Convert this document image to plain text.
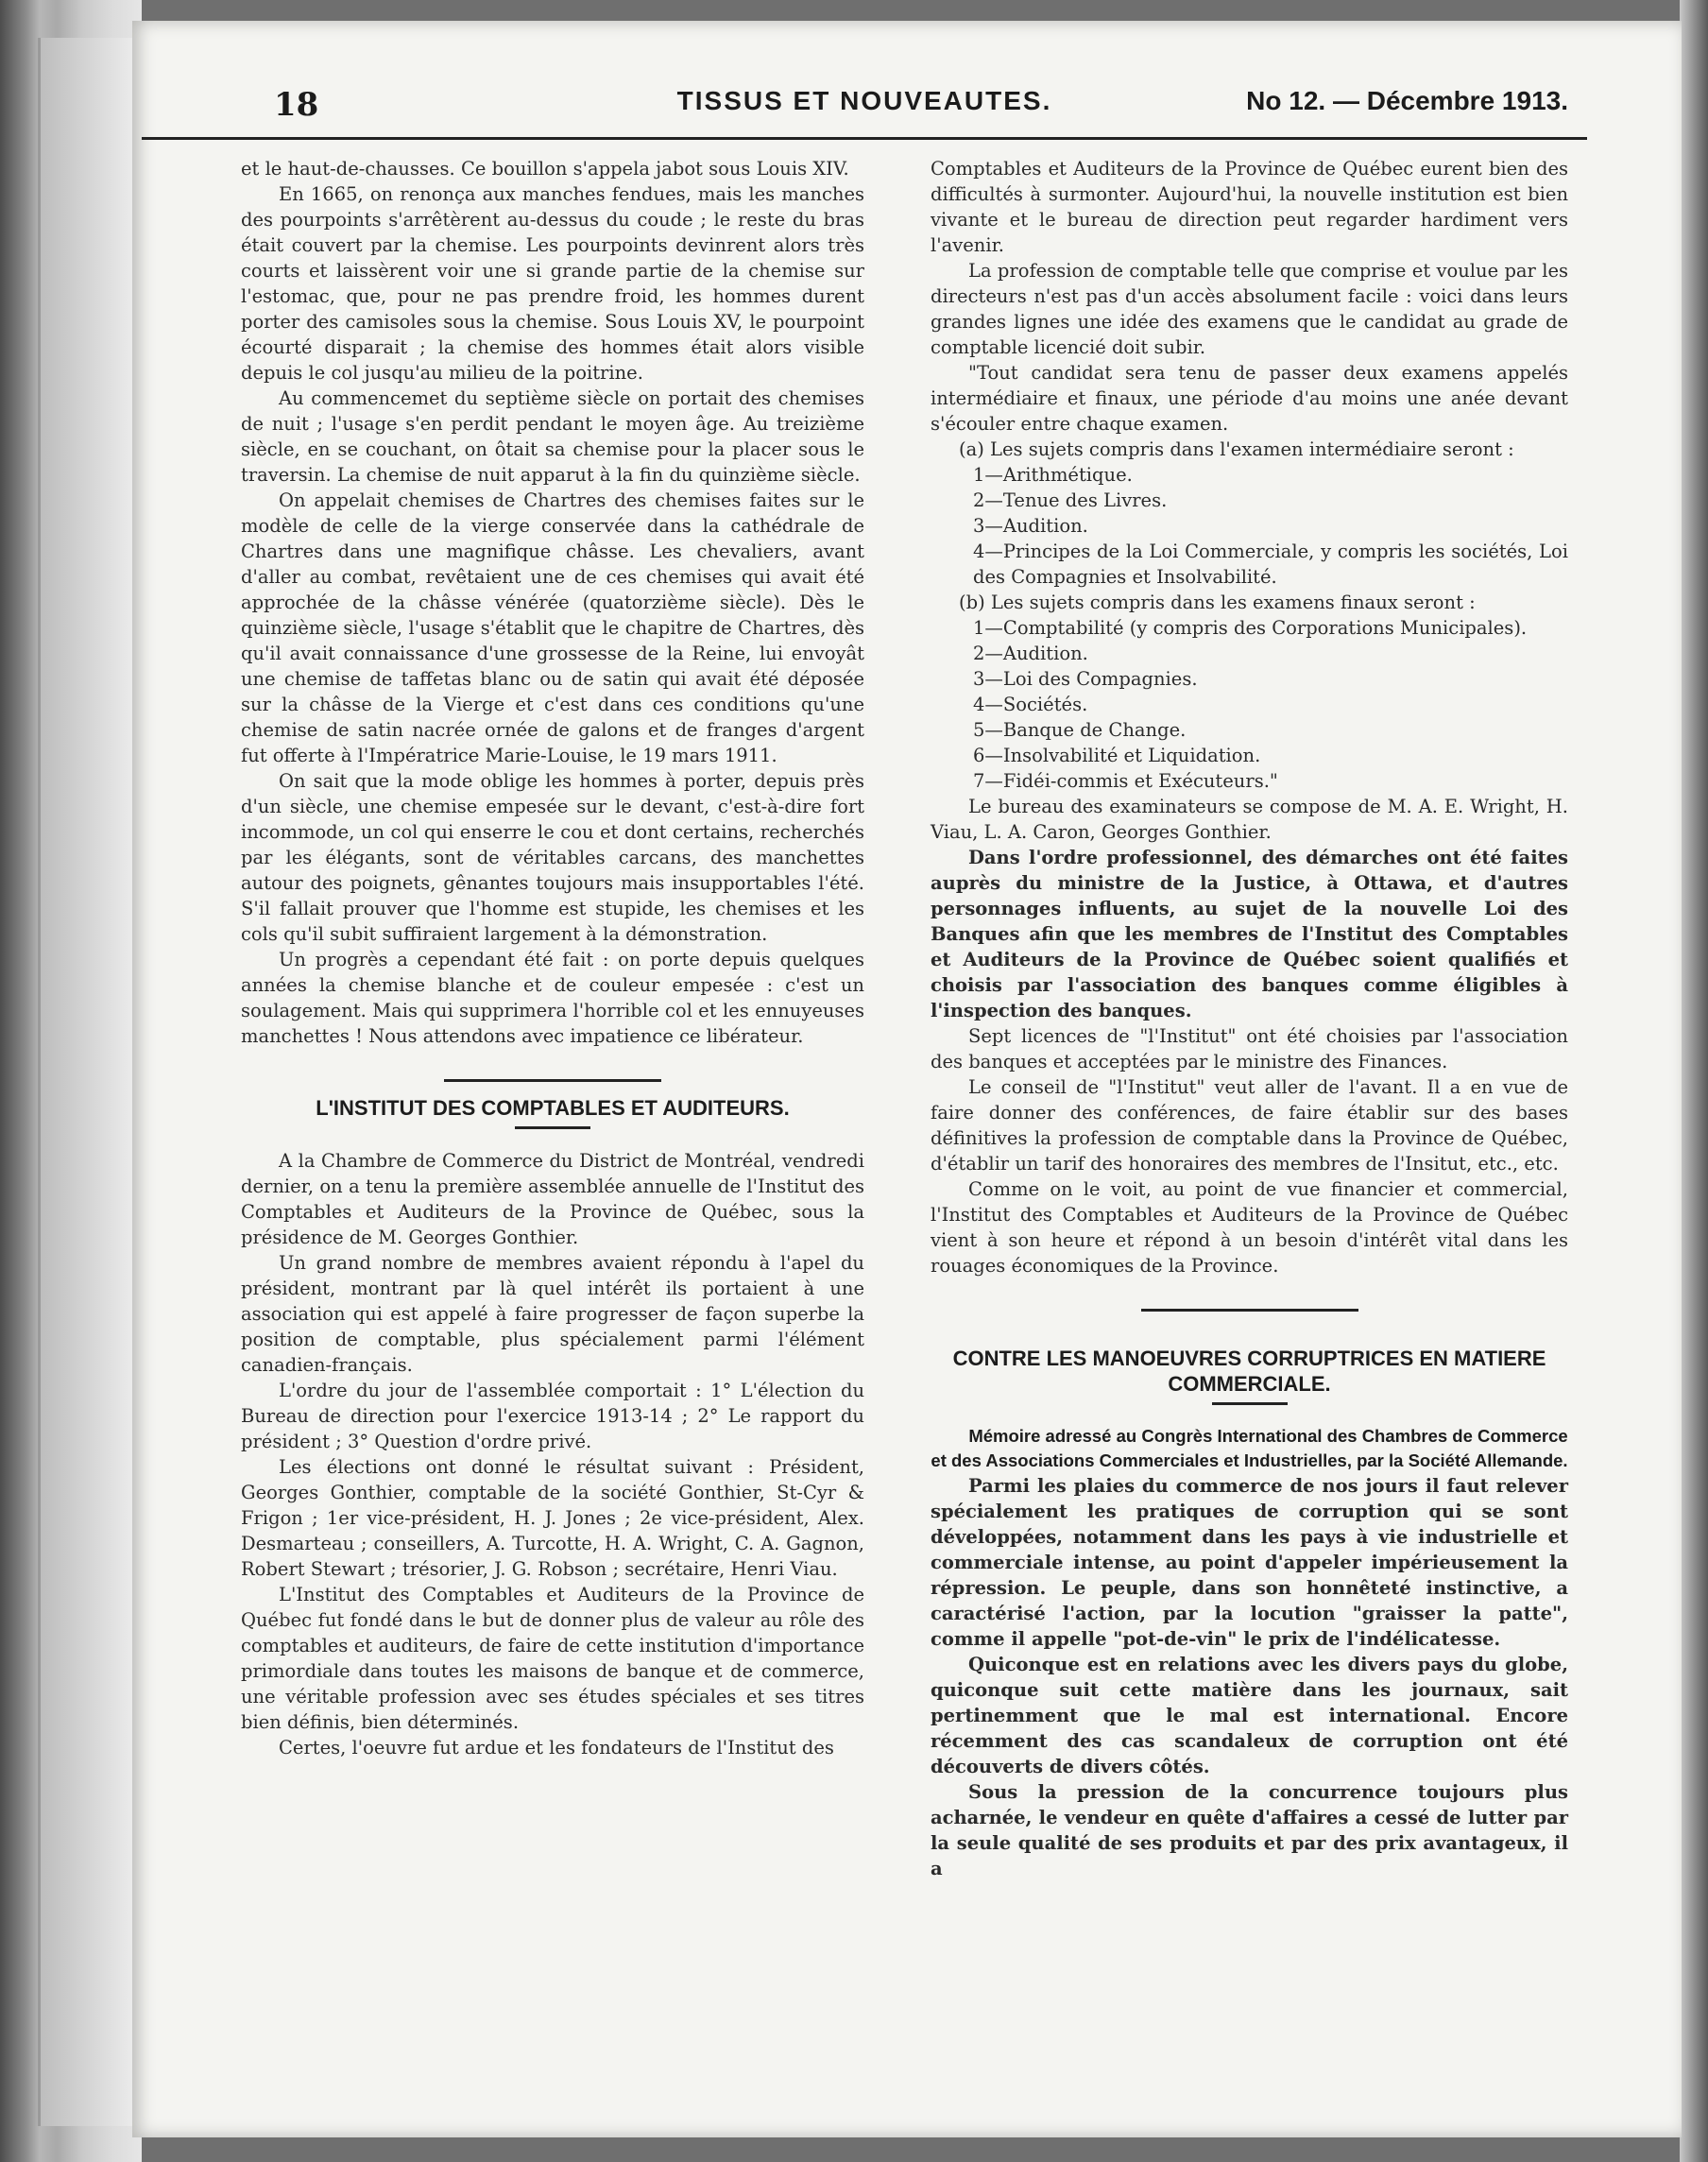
18	TISSUS ET NOUVEAUTES.	No 12. — Décembre 1913.

et le haut-de-chausses. Ce bouillon s'appela jabot sous Louis XIV.

En 1665, on renonça aux manches fendues, mais les manches des pourpoints s'arrêtèrent au-dessus du coude ; le reste du bras était couvert par la chemise. Les pourpoints devinrent alors très courts et laissèrent voir une si grande partie de la chemise sur l'estomac, que, pour ne pas prendre froid, les hommes durent porter des camisoles sous la chemise. Sous Louis XV, le pourpoint écourté disparait ; la chemise des hommes était alors visible depuis le col jusqu'au milieu de la poitrine.

Au commencemet du septième siècle on portait des chemises de nuit ; l'usage s'en perdit pendant le moyen âge. Au treizième siècle, en se couchant, on ôtait sa chemise pour la placer sous le traversin. La chemise de nuit apparut à la fin du quinzième siècle.

On appelait chemises de Chartres des chemises faites sur le modèle de celle de la vierge conservée dans la cathédrale de Chartres dans une magnifique châsse. Les chevaliers, avant d'aller au combat, revêtaient une de ces chemises qui avait été approchée de la châsse vénérée (quatorzième siècle). Dès le quinzième siècle, l'usage s'établit que le chapitre de Chartres, dès qu'il avait connaissance d'une grossesse de la Reine, lui envoyât une chemise de taffetas blanc ou de satin qui avait été déposée sur la châsse de la Vierge et c'est dans ces conditions qu'une chemise de satin nacrée ornée de galons et de franges d'argent fut offerte à l'Impératrice Marie-Louise, le 19 mars 1911.

On sait que la mode oblige les hommes à porter, depuis près d'un siècle, une chemise empesée sur le devant, c'est-à-dire fort incommode, un col qui enserre le cou et dont certains, recherchés par les élégants, sont de véritables carcans, des manchettes autour des poignets, gênantes toujours mais insupportables l'été. S'il fallait prouver que l'homme est stupide, les chemises et les cols qu'il subit suffiraient largement à la démonstration.

Un progrès a cependant été fait : on porte depuis quelques années la chemise blanche et de couleur empesée : c'est un soulagement. Mais qui supprimera l'horrible col et les ennuyeuses manchettes ! Nous attendons avec impatience ce libérateur.

L'INSTITUT DES COMPTABLES ET AUDITEURS.

A la Chambre de Commerce du District de Montréal, vendredi dernier, on a tenu la première assemblée annuelle de l'Institut des Comptables et Auditeurs de la Province de Québec, sous la présidence de M. Georges Gonthier.

Un grand nombre de membres avaient répondu à l'apel du président, montrant par là quel intérêt ils portaient à une association qui est appelé à faire progresser de façon superbe la position de comptable, plus spécialement parmi l'élément canadien-français.

L'ordre du jour de l'assemblée comportait : 1° L'élection du Bureau de direction pour l'exercice 1913-14 ; 2° Le rapport du président ; 3° Question d'ordre privé.

Les élections ont donné le résultat suivant : Président, Georges Gonthier, comptable de la société Gonthier, St-Cyr & Frigon ; 1er vice-président, H. J. Jones ; 2e vice-président, Alex. Desmarteau ; conseillers, A. Turcotte, H. A. Wright, C. A. Gagnon, Robert Stewart ; trésorier, J. G. Robson ; secrétaire, Henri Viau.

L'Institut des Comptables et Auditeurs de la Province de Québec fut fondé dans le but de donner plus de valeur au rôle des comptables et auditeurs, de faire de cette institution d'importance primordiale dans toutes les maisons de banque et de commerce, une véritable profession avec ses études spéciales et ses titres bien définis, bien déterminés.

Certes, l'oeuvre fut ardue et les fondateurs de l'Institut des

Comptables et Auditeurs de la Province de Québec eurent bien des difficultés à surmonter. Aujourd'hui, la nouvelle institution est bien vivante et le bureau de direction peut regarder hardiment vers l'avenir.

La profession de comptable telle que comprise et voulue par les directeurs n'est pas d'un accès absolument facile : voici dans leurs grandes lignes une idée des examens que le candidat au grade de comptable licencié doit subir.

"Tout candidat sera tenu de passer deux examens appelés intermédiaire et finaux, une période d'au moins une anée devant s'écouler entre chaque examen.

(a) Les sujets compris dans l'examen intermédiaire seront :

1—Arithmétique.

2—Tenue des Livres.

3—Audition.

4—Principes de la Loi Commerciale, y compris les sociétés, Loi des Compagnies et Insolvabilité.

(b) Les sujets compris dans les examens finaux seront :

1—Comptabilité (y compris des Corporations Municipales).

2—Audition.

3—Loi des Compagnies.

4—Sociétés.

5—Banque de Change.

6—Insolvabilité et Liquidation.

7—Fidéi-commis et Exécuteurs."

Le bureau des examinateurs se compose de M. A. E. Wright, H. Viau, L. A. Caron, Georges Gonthier.

Dans l'ordre professionnel, des démarches ont été faites auprès du ministre de la Justice, à Ottawa, et d'autres personnages influents, au sujet de la nouvelle Loi des Banques afin que les membres de l'Institut des Comptables et Auditeurs de la Province de Québec soient qualifiés et choisis par l'association des banques comme éligibles à l'inspection des banques.

Sept licences de "l'Institut" ont été choisies par l'association des banques et acceptées par le ministre des Finances.

Le conseil de "l'Institut" veut aller de l'avant. Il a en vue de faire donner des conférences, de faire établir sur des bases définitives la profession de comptable dans la Province de Québec, d'établir un tarif des honoraires des membres de l'Insitut, etc., etc.

Comme on le voit, au point de vue financier et commercial, l'Institut des Comptables et Auditeurs de la Province de Québec vient à son heure et répond à un besoin d'intérêt vital dans les rouages économiques de la Province.

CONTRE LES MANOEUVRES CORRUPTRICES EN MATIERE COMMERCIALE.

Mémoire adressé au Congrès International des Chambres de Commerce et des Associations Commerciales et Industrielles, par la Société Allemande.

Parmi les plaies du commerce de nos jours il faut relever spécialement les pratiques de corruption qui se sont développées, notamment dans les pays à vie industrielle et commerciale intense, au point d'appeler impérieusement la répression. Le peuple, dans son honnêteté instinctive, a caractérisé l'action, par la locution "graisser la patte", comme il appelle "pot-de-vin" le prix de l'indélicatesse.

Quiconque est en relations avec les divers pays du globe, quiconque suit cette matière dans les journaux, sait pertinemment que le mal est international. Encore récemment des cas scandaleux de corruption ont été découverts de divers côtés.

Sous la pression de la concurrence toujours plus acharnée, le vendeur en quête d'affaires a cessé de lutter par la seule qualité de ses produits et par des prix avantageux, il a
